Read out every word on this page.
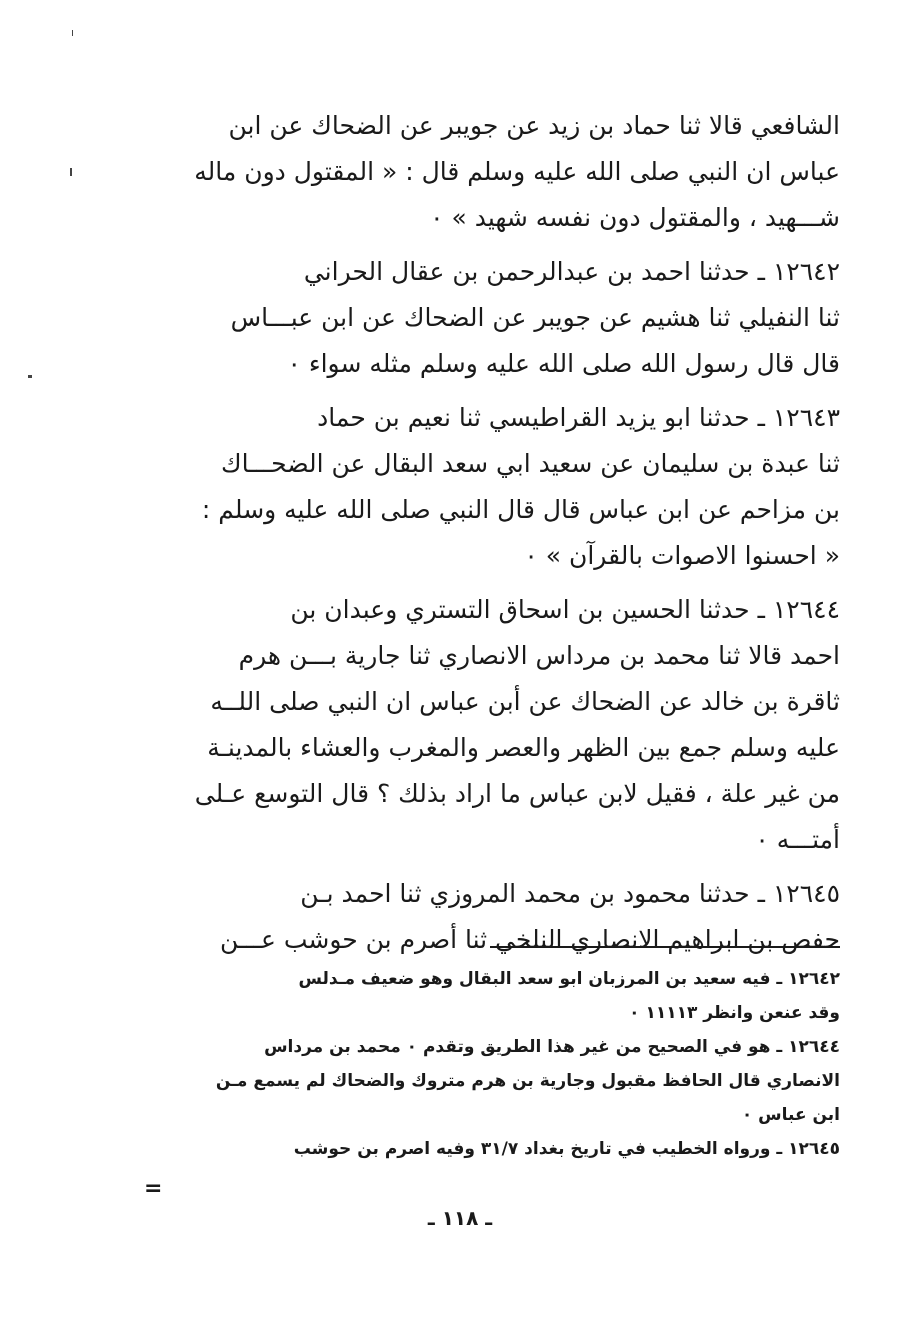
الشافعي قالا ثنا حماد بن زيد عن جويبر عن الضحاك عن ابن
عباس ان النبي صلى الله عليه وسلم قال : « المقتول دون ماله
شـــهيد ، والمقتول دون نفسه شهيد » ٠
١٢٦٤٢ ـ حدثنا احمد بن عبدالرحمن بن عقال الحراني
ثنا النفيلي ثنا هشيم عن جويبر عن الضحاك عن ابن عبـــاس
قال قال رسول الله صلى الله عليه وسلم مثله سواء ٠
١٢٦٤٣ ـ حدثنا ابو يزيد القراطيسي ثنا نعيم بن حماد
ثنا عبدة بن سليمان عن سعيد ابي سعد البقال عن الضحـــاك
بن مزاحم عن ابن عباس قال قال النبي صلى الله عليه وسلم :
« احسنوا الاصوات بالقرآن » ٠
١٢٦٤٤ ـ حدثنا الحسين بن اسحاق التستري وعبدان بن
احمد قالا ثنا محمد بن مرداس الانصاري ثنا جارية بـــن هرم
ثاقرة بن خالد عن الضحاك عن أبن عباس ان النبي صلى اللــه
عليه وسلم جمع بين الظهر والعصر والمغرب والعشاء بالمدينـة
من غير علة ، فقيل لابن عباس ما اراد بذلك ؟ قال التوسع عـلى
أمتـــه ٠
١٢٦٤٥ ـ حدثنا محمود بن محمد المروزي ثنا احمد بـن
حفص بن ابراهيم الانصاري النلخي ثنا أصرم بن حوشب عـــن
١٢٦٤٢ ـ فيه سعيد بن المرزبان ابو سعد البقال وهو ضعيف مـدلس
وقد عنعن وانظر ١١١١٣ ٠
١٢٦٤٤ ـ هو في الصحيح من غير هذا الطريق وتقدم ٠ محمد بن مرداس
الانصاري قال الحافظ مقبول وجارية بن هرم متروك والضحاك لم يسمع مـن
ابن عباس ٠
١٢٦٤٥ ـ ورواه الخطيب في تاريخ بغداد ٣١/٧ وفيه اصرم بن حوشب
=
ـ ١١٨ ـ
